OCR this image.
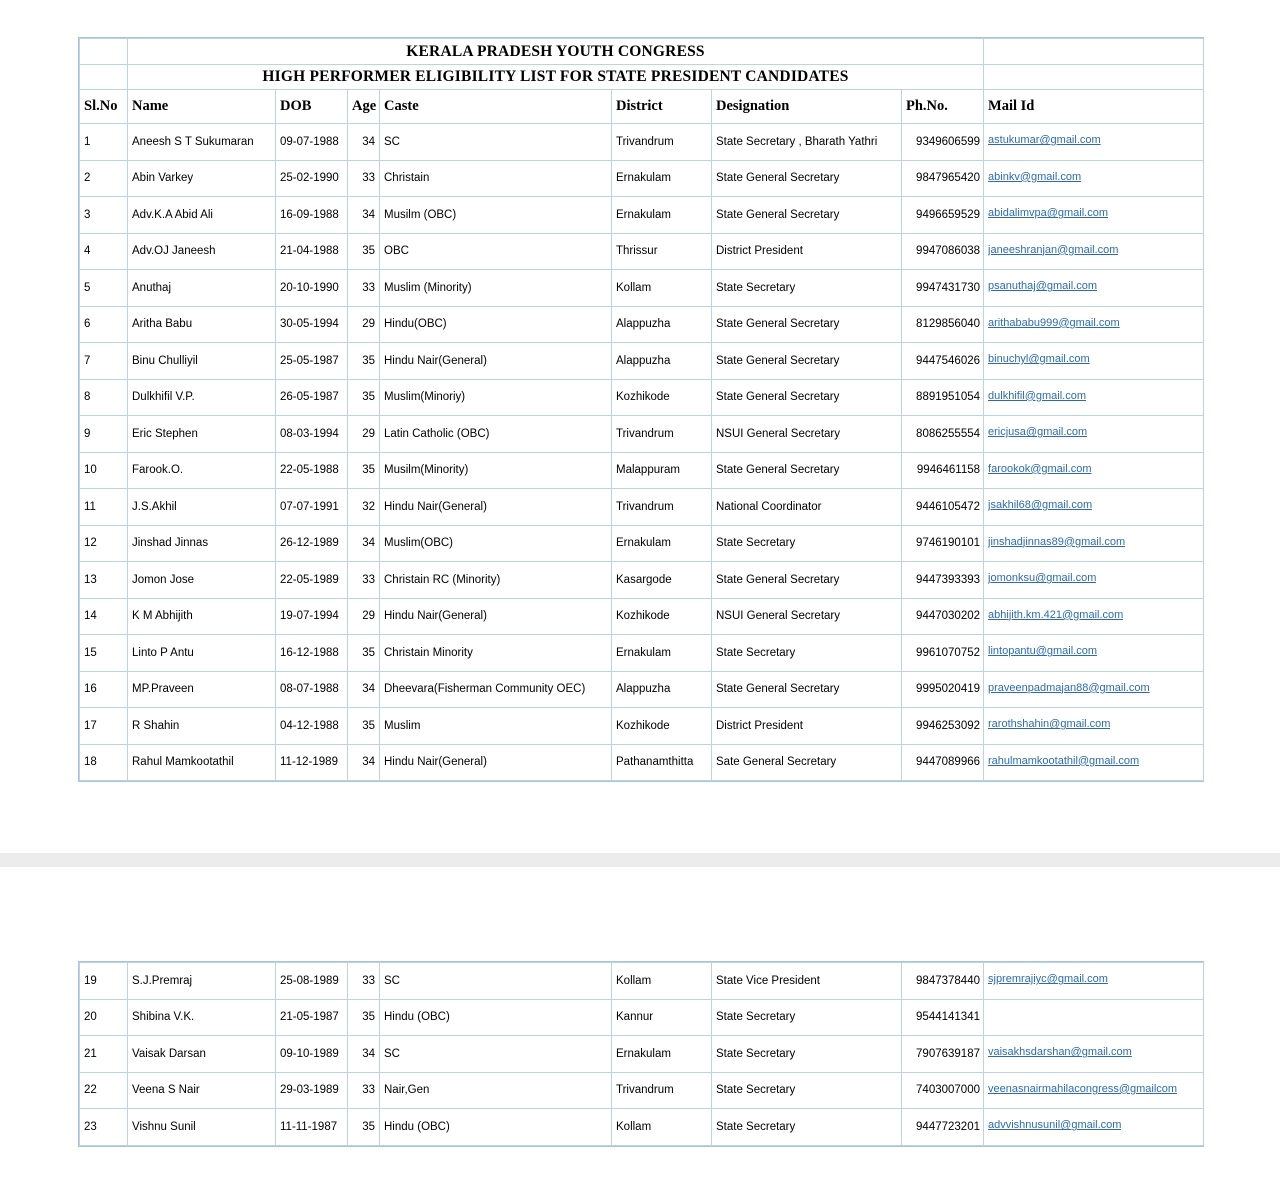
	KERALA PRADESH YOUTH CONGRESS							
	HIGH PERFORMER ELIGIBILITY LIST FOR STATE PRESIDENT CANDIDATES							
Sl.No	Name	DOB	Age	Caste	District	Designation	Ph.No.	Mail Id
1	Aneesh S T Sukumaran	09-07-1988	34	SC	Trivandrum	State Secretary , Bharath Yathri	9349606599	astukumar@gmail.com
2	Abin Varkey	25-02-1990	33	Christain	Ernakulam	State General Secretary	9847965420	abinkv@gmail.com
3	Adv.K.A Abid Ali	16-09-1988	34	Musilm (OBC)	Ernakulam	State General Secretary	9496659529	abidalimvpa@gmail.com
4	Adv.OJ Janeesh	21-04-1988	35	OBC	Thrissur	District President	9947086038	janeeshranjan@gmail.com
5	Anuthaj	20-10-1990	33	Muslim (Minority)	Kollam	State Secretary	9947431730	psanuthaj@gmail.com
6	Aritha Babu	30-05-1994	29	Hindu(OBC)	Alappuzha	State General Secretary	8129856040	arithababu999@gmail.com
7	Binu Chulliyil	25-05-1987	35	Hindu Nair(General)	Alappuzha	State General Secretary	9447546026	binuchyl@gmail.com
8	Dulkhifil V.P.	26-05-1987	35	Muslim(Minoriy)	Kozhikode	State General Secretary	8891951054	dulkhifil@gmail.com
9	Eric Stephen	08-03-1994	29	Latin Catholic (OBC)	Trivandrum	NSUI General Secretary	8086255554	ericjusa@gmail.com
10	Farook.O.	22-05-1988	35	Musilm(Minority)	Malappuram	State General Secretary	9946461158	farookok@gmail.com
11	J.S.Akhil	07-07-1991	32	Hindu Nair(General)	Trivandrum	National Coordinator	9446105472	jsakhil68@gmail.com
12	Jinshad Jinnas	26-12-1989	34	Muslim(OBC)	Ernakulam	State Secretary	9746190101	jinshadjinnas89@gmail.com
13	Jomon Jose	22-05-1989	33	Christain RC (Minority)	Kasargode	State General Secretary	9447393393	jomonksu@gmail.com
14	K M Abhijith	19-07-1994	29	Hindu Nair(General)	Kozhikode	NSUI General Secretary	9447030202	abhijith.km.421@gmail.com
15	Linto P Antu	16-12-1988	35	Christain Minority	Ernakulam	State Secretary	9961070752	lintopantu@gmail.com
16	MP.Praveen	08-07-1988	34	Dheevara(Fisherman Community OEC)	Alappuzha	State General Secretary	9995020419	praveenpadmajan88@gmail.com
17	R Shahin	04-12-1988	35	Muslim	Kozhikode	District President	9946253092	rarothshahin@gmail.com
18	Rahul Mamkootathil	11-12-1989	34	Hindu Nair(General)	Pathanamthitta	Sate General Secretary	9447089966	rahulmamkootathil@gmail.com
19	S.J.Premraj	25-08-1989	33	SC	Kollam	State Vice President	9847378440	sjpremrajiyc@gmail.com
20	Shibina V.K.	21-05-1987	35	Hindu (OBC)	Kannur	State Secretary	9544141341	
21	Vaisak Darsan	09-10-1989	34	SC	Ernakulam	State Secretary	7907639187	vaisakhsdarshan@gmail.com
22	Veena S Nair	29-03-1989	33	Nair,Gen	Trivandrum	State Secretary	7403007000	veenasnairmahilacongress@gmailcom
23	Vishnu Sunil	11-11-1987	35	Hindu (OBC)	Kollam	State Secretary	9447723201	advvishnusunil@gmail.com
